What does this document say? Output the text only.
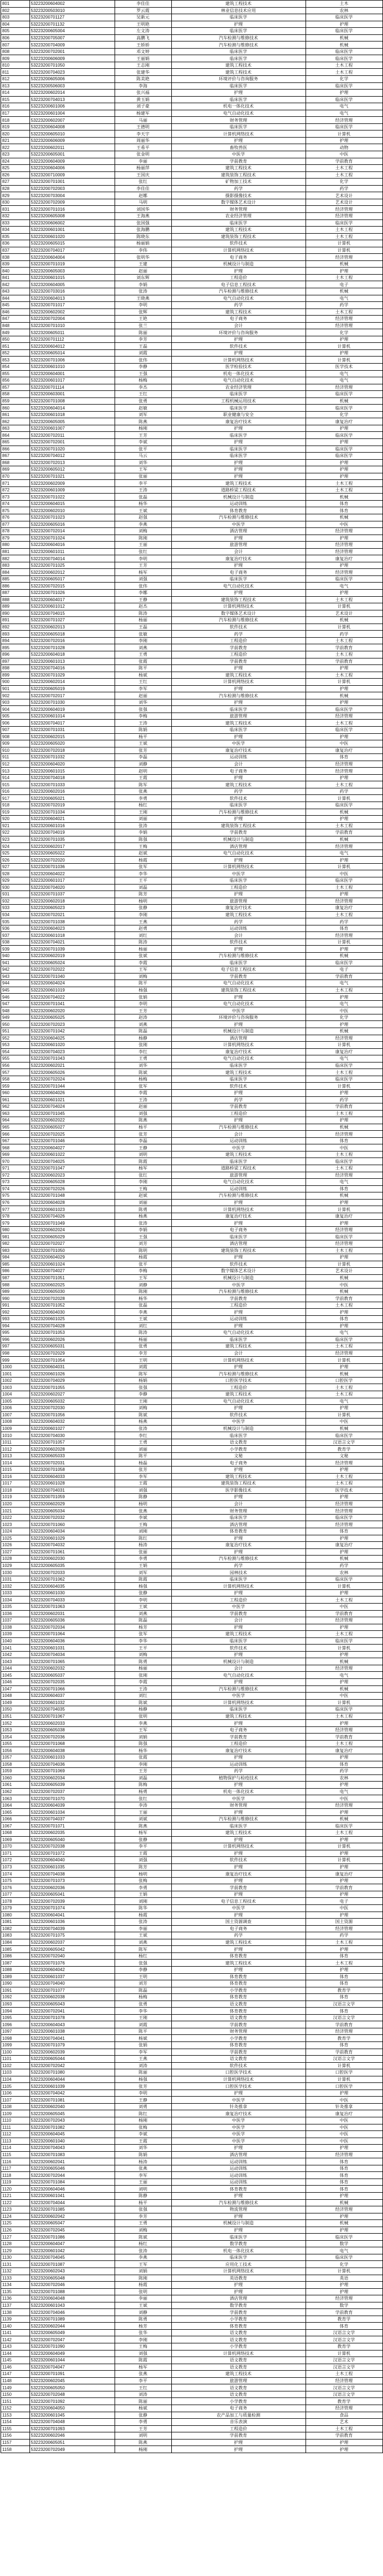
801	53223200604002	李佳佳	建筑工程技术	土木
802	53223200503010	罗云霞	林业信息技术应用	农林
803	53223200701127	吴新元	临床医学	临床医学
804	53223200701132	王明艳	护理	护理
805	53223200605004	左文涛	临床医学	临床医学
806	53223200705007	高鹏飞	汽车检测与维修技术	机械
807	53223200704009	王娇娇	汽车检测与维修技术	机械
808	53223200702001	邓文婷	临床医学	临床医学
809	53223200606009	王丽娟	临床医学	临床医学
810	53223200701050	王志刚	建筑工程技术	土木工程
811	53223200704023	张建华	建筑工程技术	土木工程
812	53223200605006	陈美艳	环境评价与咨询服务	化学
813	53223200506003	李海	临床医学	临床医学
814	53223200602014	张兴福	护理	护理
815	53223200704013	黄玉娟	临床医学	临床医学
816	53223200601006	刘子豪	机电一体化技术	电气
817	53223200601004	杨建军	电气自动化技术	电气
818	53223200602007	马丽	财务管理	经济管理
819	53223200604008	王德明	临床医学	临床医学
820	53223200605010	李天宇	计算机网络技术	计算机
821	53223200606009	周丽华	护理	护理
822	53223200602011	王希平	畜牧兽医	动物
823	53223200605001	张金明	中医学	中医
824	53223200604009	李丽	学前教育	学前教育
825	53223200604006	杨丽萍	建筑工程技术	土木工程
826	53223200710009	王国庆	建筑装饰工程技术	土木工程
827	53223200701001	张红	矿物加工技术	化学
828	53223200702003	李佳佳	药学	药学
829	53223200703004	赵娜	摄影摄像技术	艺术设计
830	53223200702009	马明	数字媒体艺术设计	艺术设计
831	53223200701016	刘国华	财务管理	经济管理
832	53223200605008	王海燕	农业经济管理	经济管理
833	53223200606002	张国强	临床医学	临床医学
834	53223200601001	张海鹏	建筑工程技术	土木工程
835	53223200601020	陈晓东	建筑装饰工程技术	土木工程
836	53223200605015	杨丽娟	软件技术	计算机
837	53223200704017	李伟	计算机网络技术	计算机
838	53223200604004	张明华	电子商务	经济管理
839	53223200701019	王建	机械设计与制造	机械
840	53223200605003	赵丽	护理	护理
841	53223200601015	刘东辉	工程造价	土木工程
842	53223200604005	李娟	电子信息工程技术	电子
843	53223200703016	张涛	汽车检测与维修技术	机械
844	53223200604013	王晓燕	电气自动化技术	电气
845	53223200701017	李明	药学	药学
846	53223200602002	张辉	建筑工程技术	土木工程
847	53223200702004	王艳	电子商务	经济管理
848	53223200701010	张兰	会计	经济管理
849	53223200605011	陈丽	环境评价与咨询服务	化学
850	53223200701112	李芳	护理	护理
851	53223200604012	王磊	软件技术	计算机
852	53223200605014	刘霞	护理	护理
853	53223200701006	张伟	计算机网络技术	计算机
854	53223200601010	李静	医学检验技术	医学技术
855	53223200604001	王强	机电一体化技术	电气
856	53223200601017	杨梅	电气自动化技术	电气
857	53223200701114	李杰	农业经济管理	经济管理
858	53223200603001	王红	临床医学	临床医学
859	53223200701008	张勇	工程机械运用技术	机械
860	53223200604014	赵敏	临床医学	临床医学
861	53223200601018	刘军	职业健康与安全	化学
862	53223200605005	陈燕	康复治疗技术	康复治疗
863	53223200601007	杨刚	护理	护理
864	53223200702011	王芳	临床医学	临床医学
865	53223200702001	李斌	护理	护理
866	53223200701020	张平	临床医学	临床医学
867	53223200704012	马云	临床医学	临床医学
868	53223200702013	刘华	护理	护理
869	53223200605012	王军	护理	护理
870	53223200701021	张丽	护理	护理
871	53223200602009	李平	建筑工程技术	土木工程
872	53223200601009	王涛	道路桥梁工程技术	土木工程
873	53223200701022	张磊	机械设计与制造	机械
874	53223200604015	杨华	运动训练	体育
875	53223200602010	王斌	体育教育	体育
876	53223200701023	赵强	汽车检测与维修技术	机械
877	53223200605016	李燕	中医学	中医
878	53223200702014	刘梅	酒店管理	经济管理
879	53223200701024	陈刚	护理	护理
880	53223200604016	王丽	旅游管理	经济管理
881	53223200601011	张红	会计	经济管理
882	53223200704014	李明	康复治疗技术	康复治疗
883	53223200701025	王芳	护理	护理
884	53223200602012	杨军	电子商务	经济管理
885	53223200605017	刘强	临床医学	临床医学
886	53223200702015	张伟	电气自动化技术	电气
887	53223200701026	李娜	护理	护理
888	53223200604017	王静	建筑装饰工程技术	土木工程
889	53223200601012	赵杰	计算机网络技术	计算机
890	53223200704015	陈涛	数字媒体艺术设计	艺术设计
891	53223200701027	杨丽	汽车检测与维修技术	机械
892	53223200602013	王磊	软件技术	计算机
893	53223200605018	张敏	药学	药学
894	53223200702016	李刚	工程造价	土木工程
895	53223200701028	刘燕	学前教育	学前教育
896	53223200604018	王勇	工程造价	土木工程
897	53223200601013	张霞	学前教育	学前教育
898	53223200704016	陈平	护理	护理
899	53223200701029	杨斌	建筑工程技术	土木工程
900	53223200602014	王红	计算机网络技术	计算机
901	53223200605019	李军	护理	护理
902	53223200702017	赵丽	汽车检测与维修技术	机械
903	53223200701030	刘华	护理	护理
904	53223200604019	张强	临床医学	临床医学
905	53223200601014	李梅	旅游管理	经济管理
906	53223200704017	王涛	建筑工程技术	土木工程
907	53223200701031	陈娟	临床医学	临床医学
908	53223200602015	杨平	护理	护理
909	53223200605020	王斌	中医学	中医
910	53223200702018	张芳	康复治疗技术	康复治疗
911	53223200701032	李磊	运动训练	体育
912	53223200604020	刘静	会计	经济管理
913	53223200601015	赵明	电子商务	经济管理
914	53223200704018	王霞	护理	护理
915	53223200701033	陈军	建筑工程技术	土木工程
916	53223200602016	张燕	药学	药学
917	53223200605021	李勇	软件技术	计算机
918	53223200702019	杨红	临床医学	临床医学
919	53223200701034	王刚	汽车检测与维修技术	机械
920	53223200604021	刘丽	护理	护理
921	53223200601016	张涛	建筑装饰工程技术	土木工程
922	53223200704019	李娟	学前教育	学前教育
923	53223200701035	陈强	机械设计与制造	机械
924	53223200602017	王梅	酒店管理	经济管理
925	53223200605022	赵斌	电气自动化技术	电气
926	53223200702020	杨霞	护理	护理
927	53223200701036	张军	计算机网络技术	计算机
928	53223200604022	李华	中医学	中医
929	53223200601017	王平	临床医学	临床医学
930	53223200704020	刘磊	工程造价	土木工程
931	53223200701037	陈芳	护理	护理
932	53223200602018	杨明	旅游管理	经济管理
933	53223200605023	张静	康复治疗技术	康复治疗
934	53223200702021	李刚	建筑工程技术	土木工程
935	53223200701038	王燕	药学	药学
936	53223200604023	赵勇	运动训练	体育
937	53223200601018	刘红	会计	经济管理
938	53223200704021	陈涛	软件技术	计算机
939	53223200701039	杨丽	护理	护理
940	53223200602019	张斌	汽车检测与维修技术	机械
941	53223200605024	李霞	临床医学	临床医学
942	53223200702022	王军	电子信息工程技术	电子
943	53223200701040	刘梅	学前教育	学前教育
944	53223200604024	陈平	电气自动化技术	电气
945	53223200601019	杨强	建筑装饰工程技术	土木工程
946	53223200704022	张娟	护理	护理
947	53223200701041	李明	电气自动化技术	电气
948	53223200602020	王芳	中医学	中医
949	53223200605025	赵涛	环境评价与咨询服务	化学
950	53223200702023	刘燕	护理	护理
951	53223200701042	陈磊	机械设计与制造	机械
952	53223200604025	杨静	酒店管理	经济管理
953	53223200601020	张刚	计算机网络技术	计算机
954	53223200704023	李红	康复治疗技术	康复治疗
955	53223200701043	王勇	电气自动化技术	电气
956	53223200602021	刘华	临床医学	临床医学
957	53223200605026	陈斌	建筑工程技术	土木工程
958	53223200702024	杨梅	临床医学	临床医学
959	53223200701044	张军	软件技术	计算机
960	53223200604026	李霞	护理	护理
961	53223200601021	王涛	药学	药学
962	53223200704024	赵丽	学前教育	学前教育
963	53223200701045	刘强	工程造价	土木工程
964	53223200602022	陈燕	护理	护理
965	53223200605027	杨平	汽车检测与维修技术	机械
966	53223200702025	张芳	会计	经济管理
967	53223200701046	李磊	运动训练	体育
968	53223200604027	王静	中医学	中医
969	53223200601022	刘明	建筑工程技术	土木工程
970	53223200704025	陈霞	临床医学	临床医学
971	53223200701047	杨军	道路桥梁工程技术	土木工程
972	53223200602023	张红	旅游管理	经济管理
973	53223200605028	李刚	电气自动化技术	电气
974	53223200702026	王梅	运动训练	体育
975	53223200701048	赵斌	汽车检测与维修技术	机械
976	53223200604028	刘丽	护理	护理
977	53223200601023	陈勇	计算机网络技术	计算机
978	53223200704026	杨燕	康复治疗技术	康复治疗
979	53223200701049	张涛	护理	护理
980	53223200602024	李娟	电子商务	经济管理
981	53223200605029	王强	临床医学	临床医学
982	53223200702027	刘芳	酒店管理	经济管理
983	53223200701050	陈明	建筑装饰工程技术	土木工程
984	53223200604029	杨霞	护理	护理
985	53223200601024	张平	软件技术	计算机
986	53223200704027	李梅	数字媒体艺术设计	艺术设计
987	53223200701051	王军	机械设计与制造	机械
988	53223200602025	刘静	中医学	中医
989	53223200605030	陈刚	汽车检测与维修技术	机械
990	53223200702028	杨华	学前教育	学前教育
991	53223200701052	张磊	工程造价	土木工程
992	53223200604030	李燕	护理	护理
993	53223200601025	王斌	运动训练	体育
994	53223200704028	刘红	护理	护理
995	53223200701053	陈涛	电气自动化技术	电气
996	53223200602026	杨丽	临床医学	临床医学
997	53223200605031	张勇	建筑工程技术	土木工程
998	53223200702029	李芳	会计	经济管理
999	53223200701054	王明	计算机网络技术	计算机
1000	53223200604031	刘霞	护理	护理
1001	53223200601026	陈军	汽车检测与维修技术	机械
1002	53223200704029	杨娟	口腔医学技术	口腔医学
1003	53223200701055	张强	工程造价	土木工程
1004	53223200602027	李静	建筑工程技术	土木工程
1005	53223200605032	王刚	电气自动化技术	电气
1006	53223200702030	刘梅	护理	护理
1007	53223200701056	陈斌	软件技术	计算机
1008	53223200604032	杨燕	中医学	中医
1009	53223200601027	张涛	机械设计与制造	机械
1010	53223200704030	李红	临床医学	临床医学
1011	53223200701057	王勇	语文教育	汉语言文学
1012	53223200602028	刘丽	小学教育	教育学
1013	53223200605033	陈平	文秘	文秘
1014	53223200702031	杨磊	电子商务	经济管理
1015	53223200701058	张芳	护理	护理
1016	53223200604033	李军	建筑工程技术	土木工程
1017	53223200601028	王霞	建筑装饰工程技术	土木工程
1018	53223200704031	刘强	医学影像技术	医学技术
1019	53223200701059	陈静	护理	护理
1020	53223200602029	杨明	会计	经济管理
1021	53223200605034	张燕	财务管理	经济管理
1022	53223200702032	李斌	临床医学	临床医学
1023	53223200701060	王梅	酒店管理	经济管理
1024	53223200604034	刘刚	体育教育	体育
1025	53223200601029	陈红	护理	护理
1026	53223200704032	杨涛	康复治疗技术	康复治疗
1027	53223200701061	张丽	护理	护理
1028	53223200602030	李勇	汽车检测与维修技术	机械
1029	53223200605035	王娟	药学	药学
1030	53223200702033	刘军	园林技术	农林
1031	53223200701062	陈霞	临床医学	临床医学
1032	53223200604035	杨强	计算机网络技术	计算机
1033	53223200601030	张静	护理	护理
1034	53223200704033	李明	工程造价	土木工程
1035	53223200701063	王斌	中医学	中医
1036	53223200602031	刘燕	学前教育	学前教育
1037	53223200605036	陈磊	会计	经济管理
1038	53223200702034	杨芳	护理	护理
1039	53223200701064	张军	建筑工程技术	土木工程
1040	53223200604036	李华	临床医学	临床医学
1041	53223200601031	王平	软件技术	计算机
1042	53223200704034	刘梅	护理	护理
1043	53223200701065	陈勇	机械设计与制造	机械
1044	53223200602032	杨丽	会计	经济管理
1045	53223200605037	张刚	电气自动化技术	电气
1046	53223200702035	李霞	护理	护理
1047	53223200701066	王涛	汽车检测与维修技术	机械
1048	53223200604037	刘红	中医学	中医
1049	53223200601032	陈斌	计算机网络技术	计算机
1050	53223200704035	杨静	临床医学	临床医学
1051	53223200701067	张明	建筑工程技术	土木工程
1052	53223200602033	李燕	护理	护理
1053	53223200605038	王军	电子商务	经济管理
1054	53223200702036	刘娟	学前教育	学前教育
1055	53223200701068	陈强	工程造价	土木工程
1056	53223200604038	杨华	康复治疗技术	康复治疗
1057	53223200601033	张霞	护理	护理
1058	53223200704036	李刚	运动训练	体育
1059	53223200701069	王芳	药学	药学
1060	53223200602034	刘磊	植物保护与检疫技术	农林
1061	53223200605039	陈梅	护理	护理
1062	53223200702037	杨勇	机电一体化技术	电气
1063	53223200701070	张红	中医学	中医
1064	53223200604039	李涛	财务管理	经济管理
1065	53223200601034	王丽	护理	护理
1066	53223200704037	刘斌	汽车检测与维修技术	机械
1067	53223200701071	陈燕	临床医学	临床医学
1068	53223200602035	杨军	建筑工程技术	土木工程
1069	53223200605040	张静	护理	护理
1070	53223200702038	李平	计算机网络技术	计算机
1071	53223200701072	王霞	护理	护理
1072	53223200604040	刘强	软件技术	计算机
1073	53223200601035	陈芳	护理	护理
1074	53223200704038	杨明	康复治疗技术	康复治疗
1075	53223200701073	张梅	护理	护理
1076	53223200602036	李勇	学前教育	学前教育
1077	53223200605041	王娟	护理	护理
1078	53223200702039	刘刚	电子信息工程技术	电子
1079	53223200701074	陈华	中医学	中医
1080	53223200604041	杨霞	护理	护理
1081	53223200601036	张涛	国土资源调查	国土资源
1082	53223200704039	李丽	电子商务	经济管理
1083	53223200701075	王斌	药学	药学
1084	53223200602037	刘燕	建筑工程技术	土木工程
1085	53223200605042	陈军	护理	护理
1086	53223200702040	杨红	体育教育	体育
1087	53223200701076	张强	建筑工程技术	土木工程
1088	53223200604042	李静	护理	护理
1089	53223200601037	王明	体育教育	体育
1090	53223200704040	刘芳	体育教育	体育
1091	53223200701077	陈磊	小学教育	教育学
1092	53223200602038	杨梅	体育教育	体育
1093	53223200605043	张勇	语文教育	汉语言文学
1094	53223200702041	李华	体育教育	体育
1095	53223200701078	王刚	语文教育	汉语言文学
1096	53223200604043	刘霞	学前教育	学前教育
1097	53223200601038	陈平	财务管理	经济管理
1098	53223200704041	杨斌	小学教育	教育学
1099	53223200701079	张娟	体育教育	体育
1100	53223200602039	李军	学前教育	学前教育
1101	53223200605044	王燕	语文教育	汉语言文学
1102	53223200702042	刘涛	软件技术	计算机
1103	53223200701080	陈丽	口腔医学技术	口腔医学
1104	53223200604044	杨强	计算机网络技术	计算机
1105	53223200601039	张芳	口腔医学技术	口腔医学
1106	53223200704042	李明	护理	护理
1107	53223200701081	王静	中医学	中医
1108	53223200602040	刘勇	针灸推拿	针灸推拿
1109	53223200605045	陈红	康复治疗技术	康复治疗
1110	53223200702043	杨刚	中医学	中医
1111	53223200701082	张梅	中医学	中医
1112	53223200604045	李斌	中医学	中医
1113	53223200601040	王霞	中医学	中医
1114	53223200704043	刘华	护理	护理
1115	53223200701083	陈娟	酒店管理	经济管理
1116	53223200602041	杨涛	运动训练	体育
1117	53223200605046	张燕	运动训练	体育
1118	53223200702044	李军	运动训练	体育
1119	53223200701084	王丽	运动训练	体育
1120	53223200604046	刘明	体育教育	体育
1121	53223200601041	陈静	护理	护理
1122	53223200704044	杨平	汽车检测与维修技术	机械
1123	53223200701085	张强	物流管理	经济管理
1124	53223200602042	李芳	护理	护理
1125	53223200605047	王勇	机械设计与制造	机械
1126	53223200702045	刘梅	护理	护理
1127	53223200701086	陈斌	临床医学	临床医学
1128	53223200604047	杨红	数学教育	数学
1129	53223200601042	张涛	机电一体化技术	电气
1130	53223200704045	李燕	临床医学	临床医学
1131	53223200701087	王军	应用化工技术	化学
1132	53223200602043	刘娟	计算机网络技术	计算机
1133	53223200605048	陈刚	英语教育	英语
1134	53223200702046	杨霞	护理	护理
1135	53223200701088	张明	护理	护理
1136	53223200604048	李丽	酒店管理	经济管理
1137	53223200601043	王斌	数学教育	数学
1138	53223200704046	刘静	学前教育	学前教育
1139	53223200701089	陈勇	小学教育	教育学
1140	53223200602044	杨芳	体育教育	体育
1141	53223200605049	张华	语文教育	汉语言文学
1142	53223200702047	李刚	语文教育	汉语言文学
1143	53223200701090	王梅	小学教育	教育学
1144	53223200604049	刘强	计算机网络技术	计算机
1145	53223200601044	陈霞	语文教育	汉语言文学
1146	53223200704047	杨军	语文教育	汉语言文学
1147	53223200701091	张燕	建筑工程技术	土木工程
1148	53223200602045	李平	旅游管理	经济管理
1149	53223200605050	王红	语文教育	汉语言文学
1150	53223200702048	刘涛	语文教育	汉语言文学
1151	53223200701092	陈丽	小学教育	教育学
1152	53223200604050	杨斌	电子商务	经济管理
1153	53223200601045	张静	农产品加工与质量检测	食品
1154	53223200704048	李勇	音乐表演	艺术
1155	53223200701093	王芳	工程造价	土木工程
1156	53223200602046	刘明	学前教育	学前教育
1157	53223200605051	陈燕	护理	护理
1158	53223200702049	杨刚	护理	护理
